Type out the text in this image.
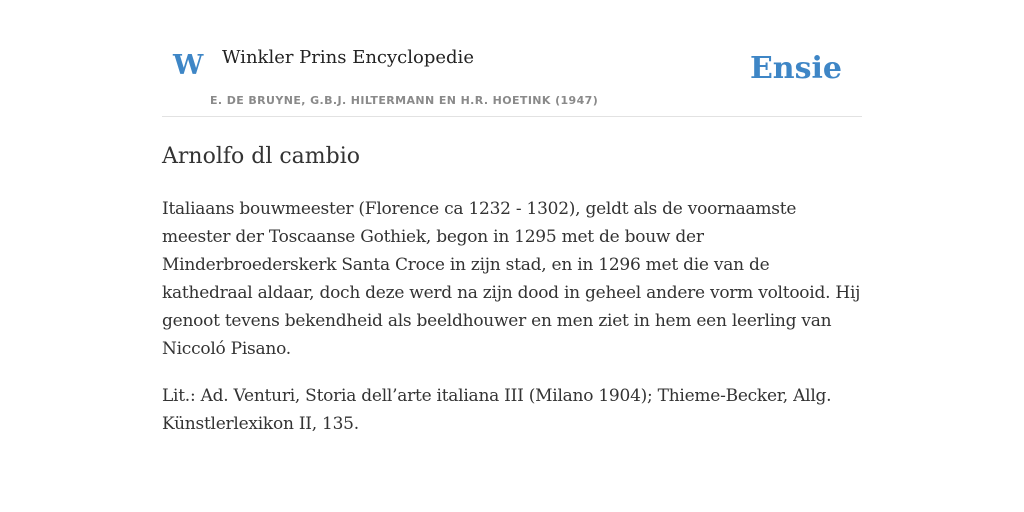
W Winkler Prins Encyclopedie
E. DE BRUYNE, G.B.J. HILTERMANN EN H.R. HOETINK (1947)
Ensie
Arnolfo dl cambio

Italiaans bouwmeester (Florence ca 1232 - 1302), geldt als de voornaamste meester der Toscaanse Gothiek, begon in 1295 met de bouw der Minderbroederskerk Santa Croce in zijn stad, en in 1296 met die van de kathedraal aldaar, doch deze werd na zijn dood in geheel andere vorm voltooid. Hij genoot tevens bekendheid als beeldhouwer en men ziet in hem een leerling van Niccoló Pisano.

Lit.: Ad. Venturi, Storia dell’arte italiana III (Milano 1904); Thieme-Becker, Allg. Künstlerlexikon II, 135.
